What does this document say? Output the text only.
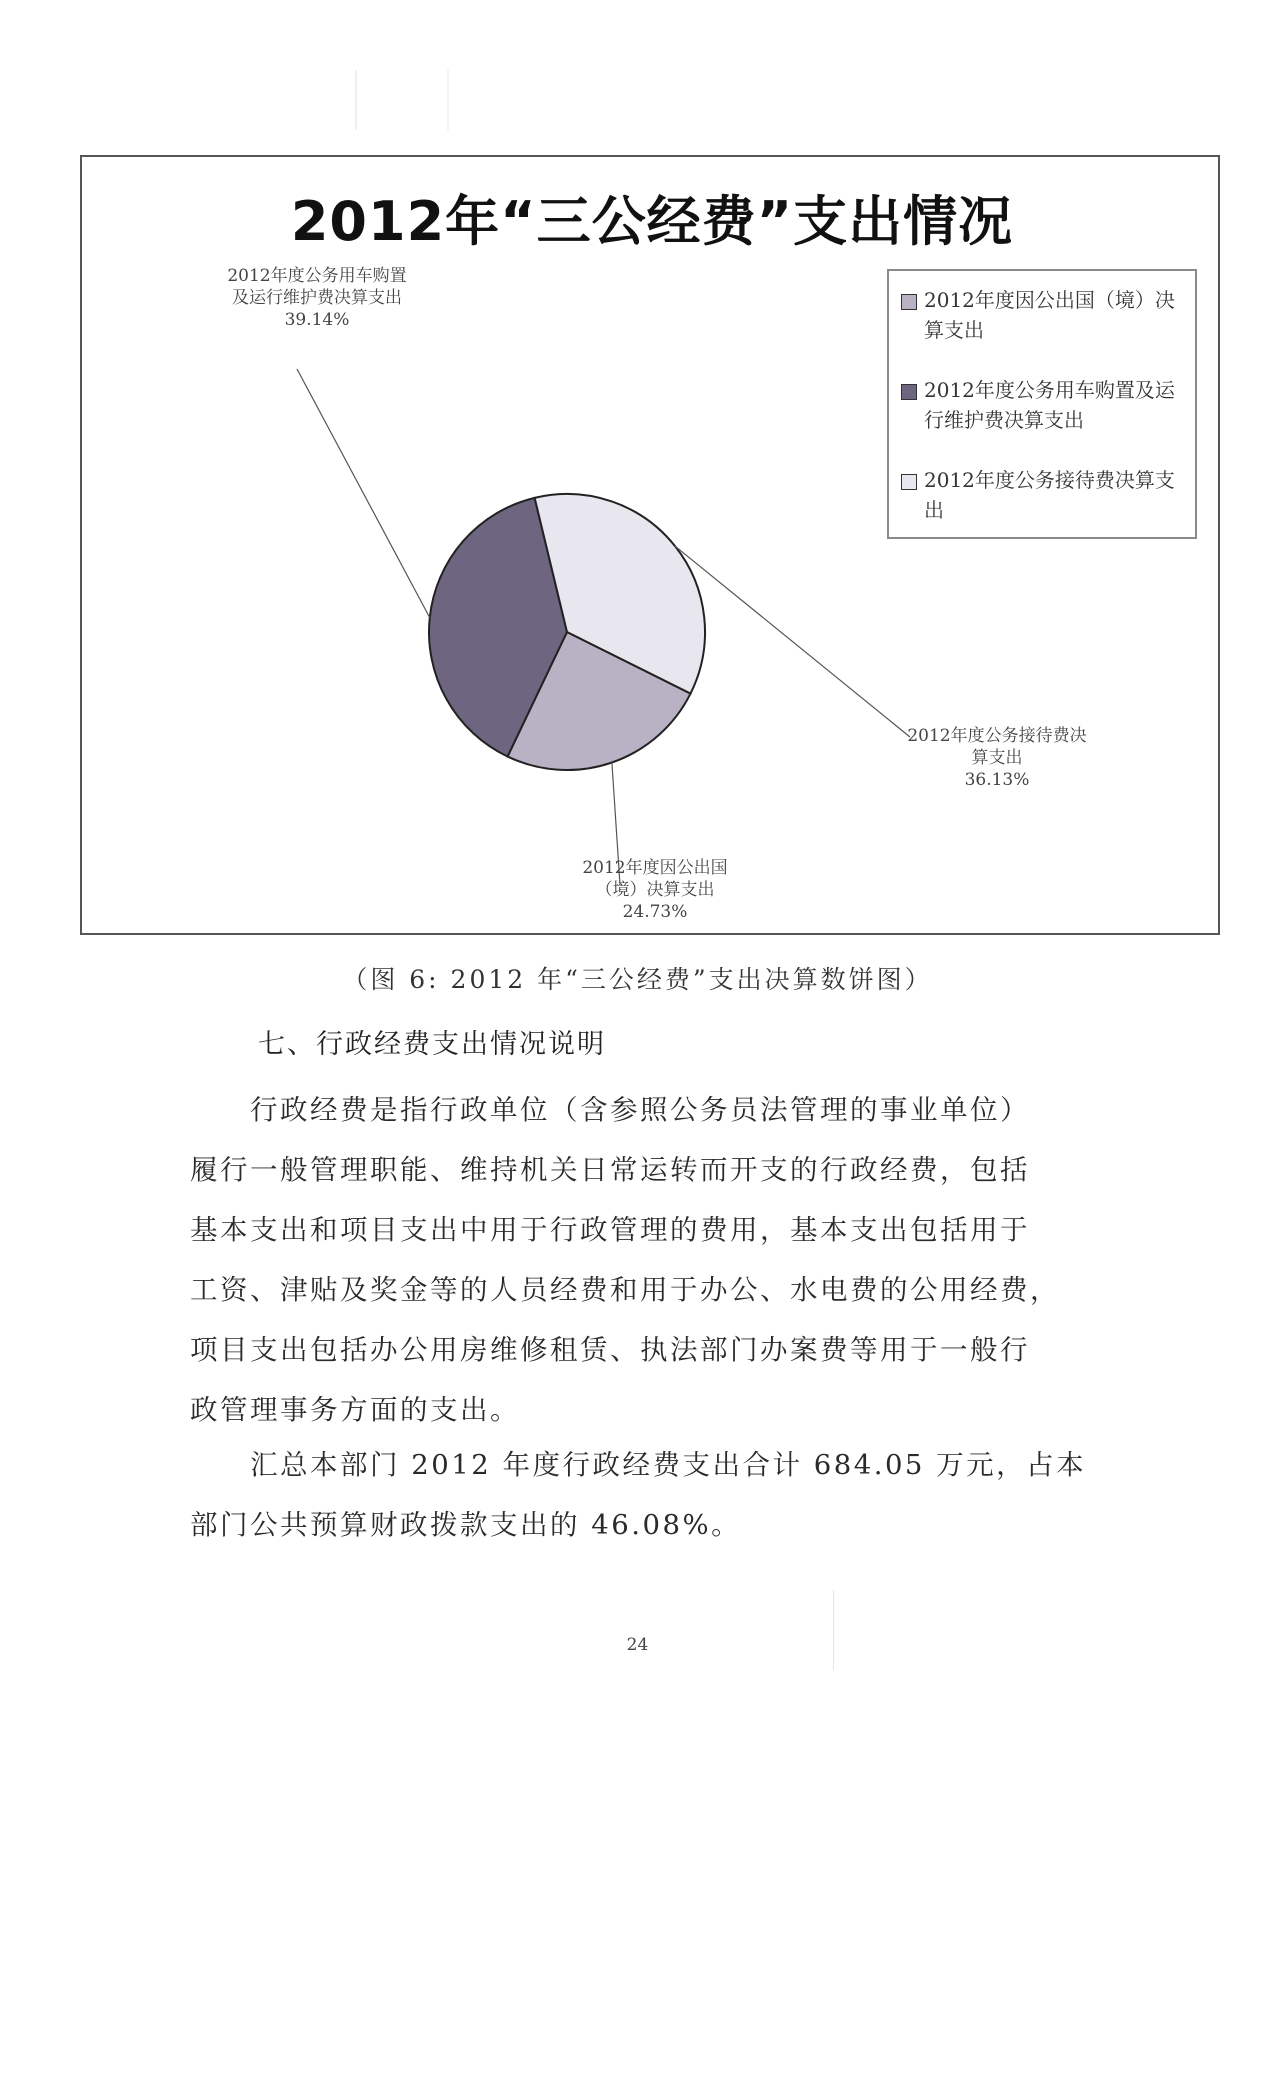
2012年“三公经费”支出情况
2012年度因公出国（境）决算支出
2012年度公务用车购置及运行维护费决算支出
2012年度公务接待费决算支出
2012年度公务用车购置
及运行维护费决算支出
39.14%
2012年度公务接待费决
算支出
36.13%
2012年度因公出国
（境）决算支出
24.73%
（图 6: 2012 年“三公经费”支出决算数饼图）
七、行政经费支出情况说明
　　行政经费是指行政单位（含参照公务员法管理的事业单位）
履行一般管理职能、维持机关日常运转而开支的行政经费，包括
基本支出和项目支出中用于行政管理的费用，基本支出包括用于
工资、津贴及奖金等的人员经费和用于办公、水电费的公用经费，
项目支出包括办公用房维修租赁、执法部门办案费等用于一般行
政管理事务方面的支出。
　　汇总本部门 2012 年度行政经费支出合计 684.05 万元，占本
部门公共预算财政拨款支出的 46.08%。
24
